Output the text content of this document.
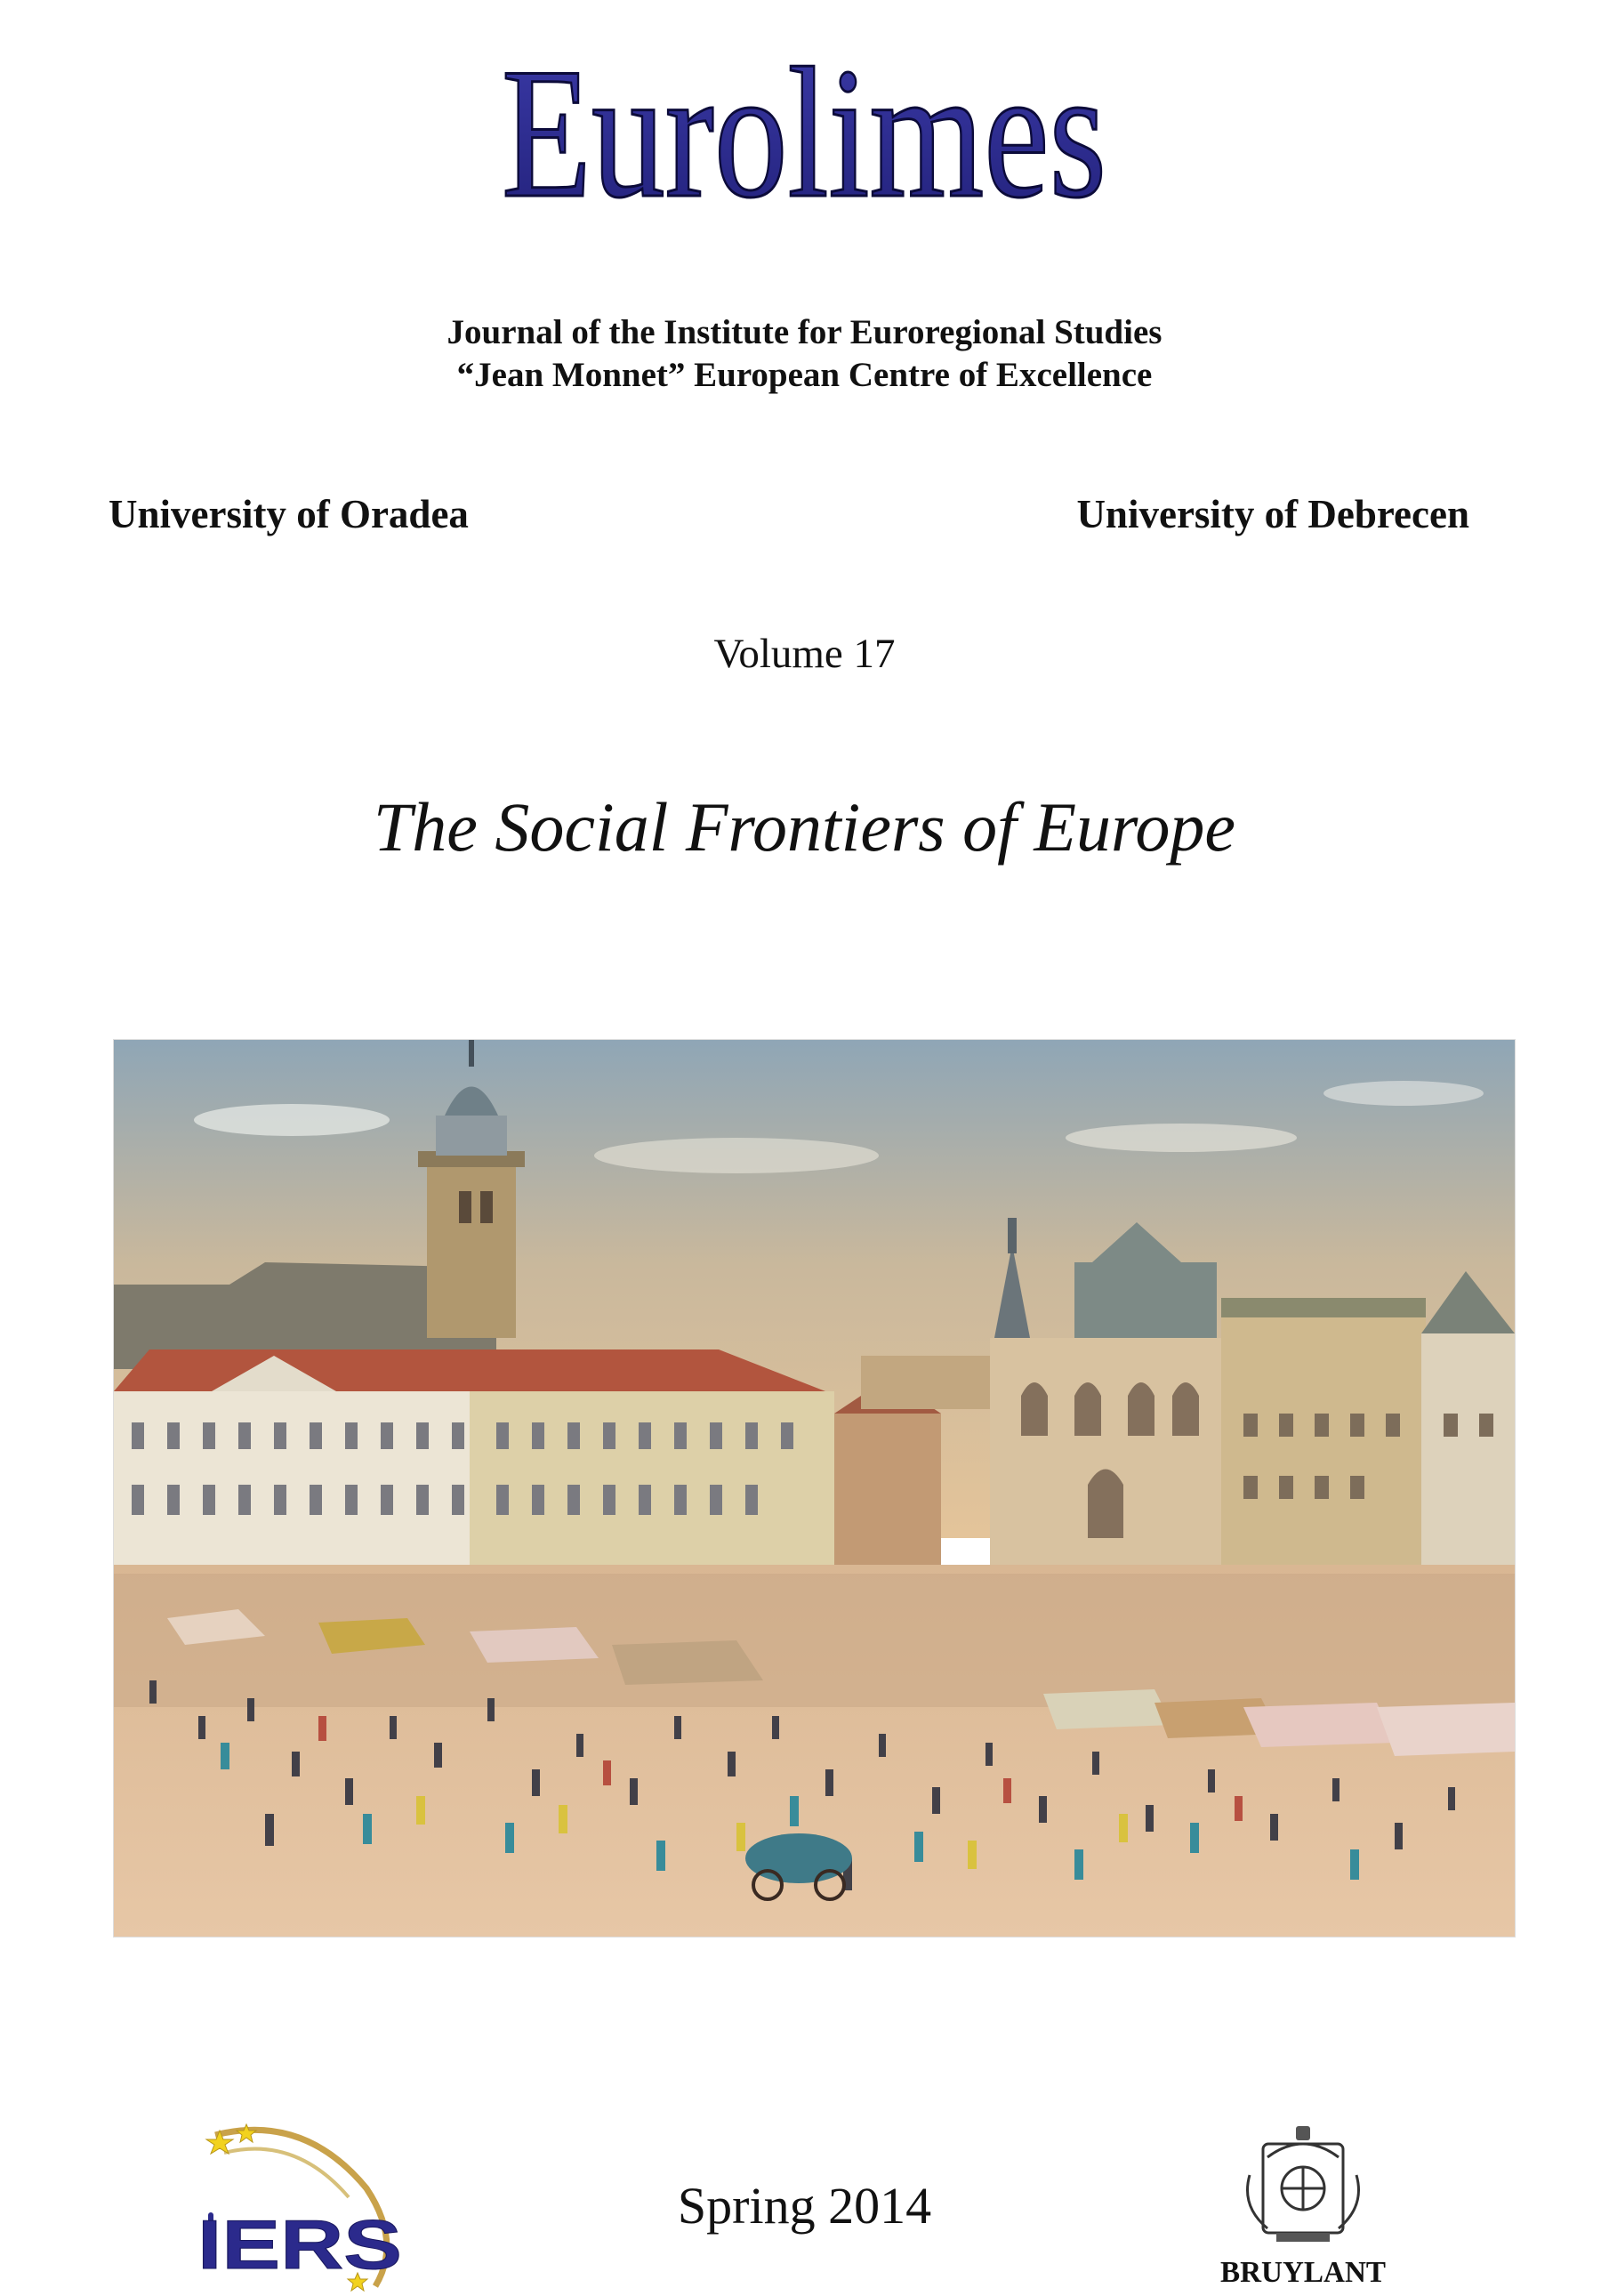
Eurolimes
Journal of the Institute for Euroregional Studies
“Jean Monnet” European Centre of Excellence
University of Oradea	University of Debrecen
Volume 17
The Social Frontiers of Europe
IERS	Spring 2014
BRUYLANT
